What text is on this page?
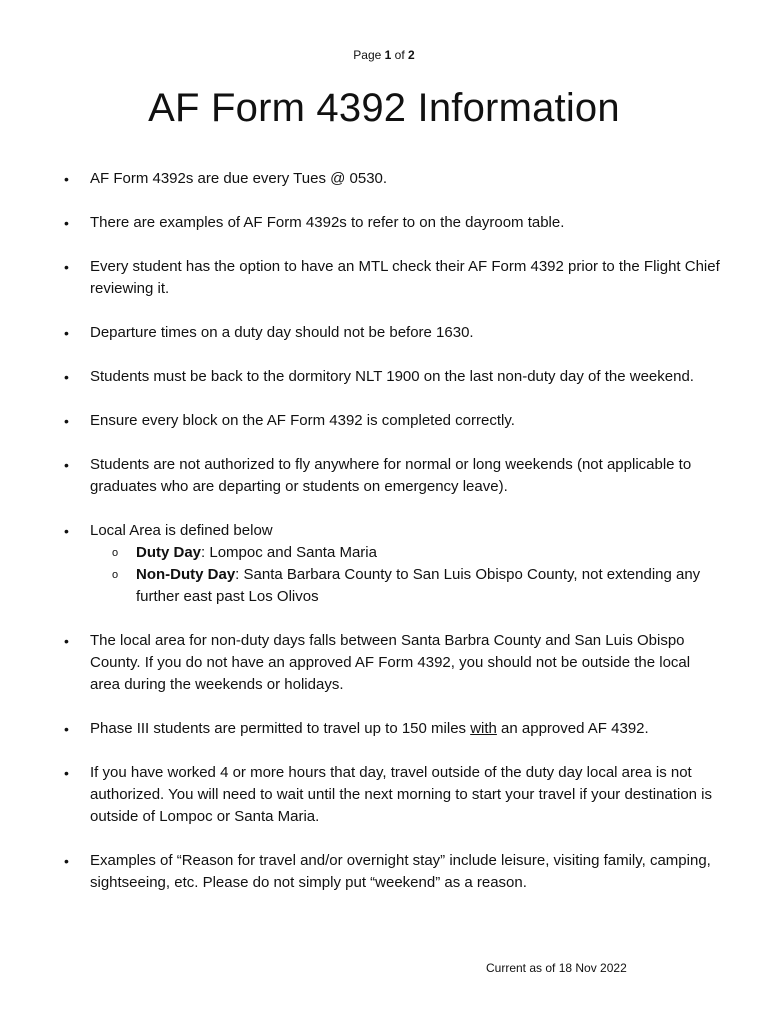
Page 1 of 2
AF Form 4392 Information
• AF Form 4392s are due every Tues @ 0530.
• There are examples of AF Form 4392s to refer to on the dayroom table.
• Every student has the option to have an MTL check their AF Form 4392 prior to the Flight Chief reviewing it.
• Departure times on a duty day should not be before 1630.
• Students must be back to the dormitory NLT 1900 on the last non-duty day of the weekend.
• Ensure every block on the AF Form 4392 is completed correctly.
• Students are not authorized to fly anywhere for normal or long weekends (not applicable to graduates who are departing or students on emergency leave).
• Local Area is defined below
o Duty Day: Lompoc and Santa Maria
o Non-Duty Day: Santa Barbara County to San Luis Obispo County, not extending any further east past Los Olivos
• The local area for non-duty days falls between Santa Barbra County and San Luis Obispo County. If you do not have an approved AF Form 4392, you should not be outside the local area during the weekends or holidays.
• Phase III students are permitted to travel up to 150 miles with an approved AF 4392.
• If you have worked 4 or more hours that day, travel outside of the duty day local area is not authorized. You will need to wait until the next morning to start your travel if your destination is outside of Lompoc or Santa Maria.
• Examples of “Reason for travel and/or overnight stay” include leisure, visiting family, camping, sightseeing, etc. Please do not simply put “weekend” as a reason.
Current as of 18 Nov 2022
